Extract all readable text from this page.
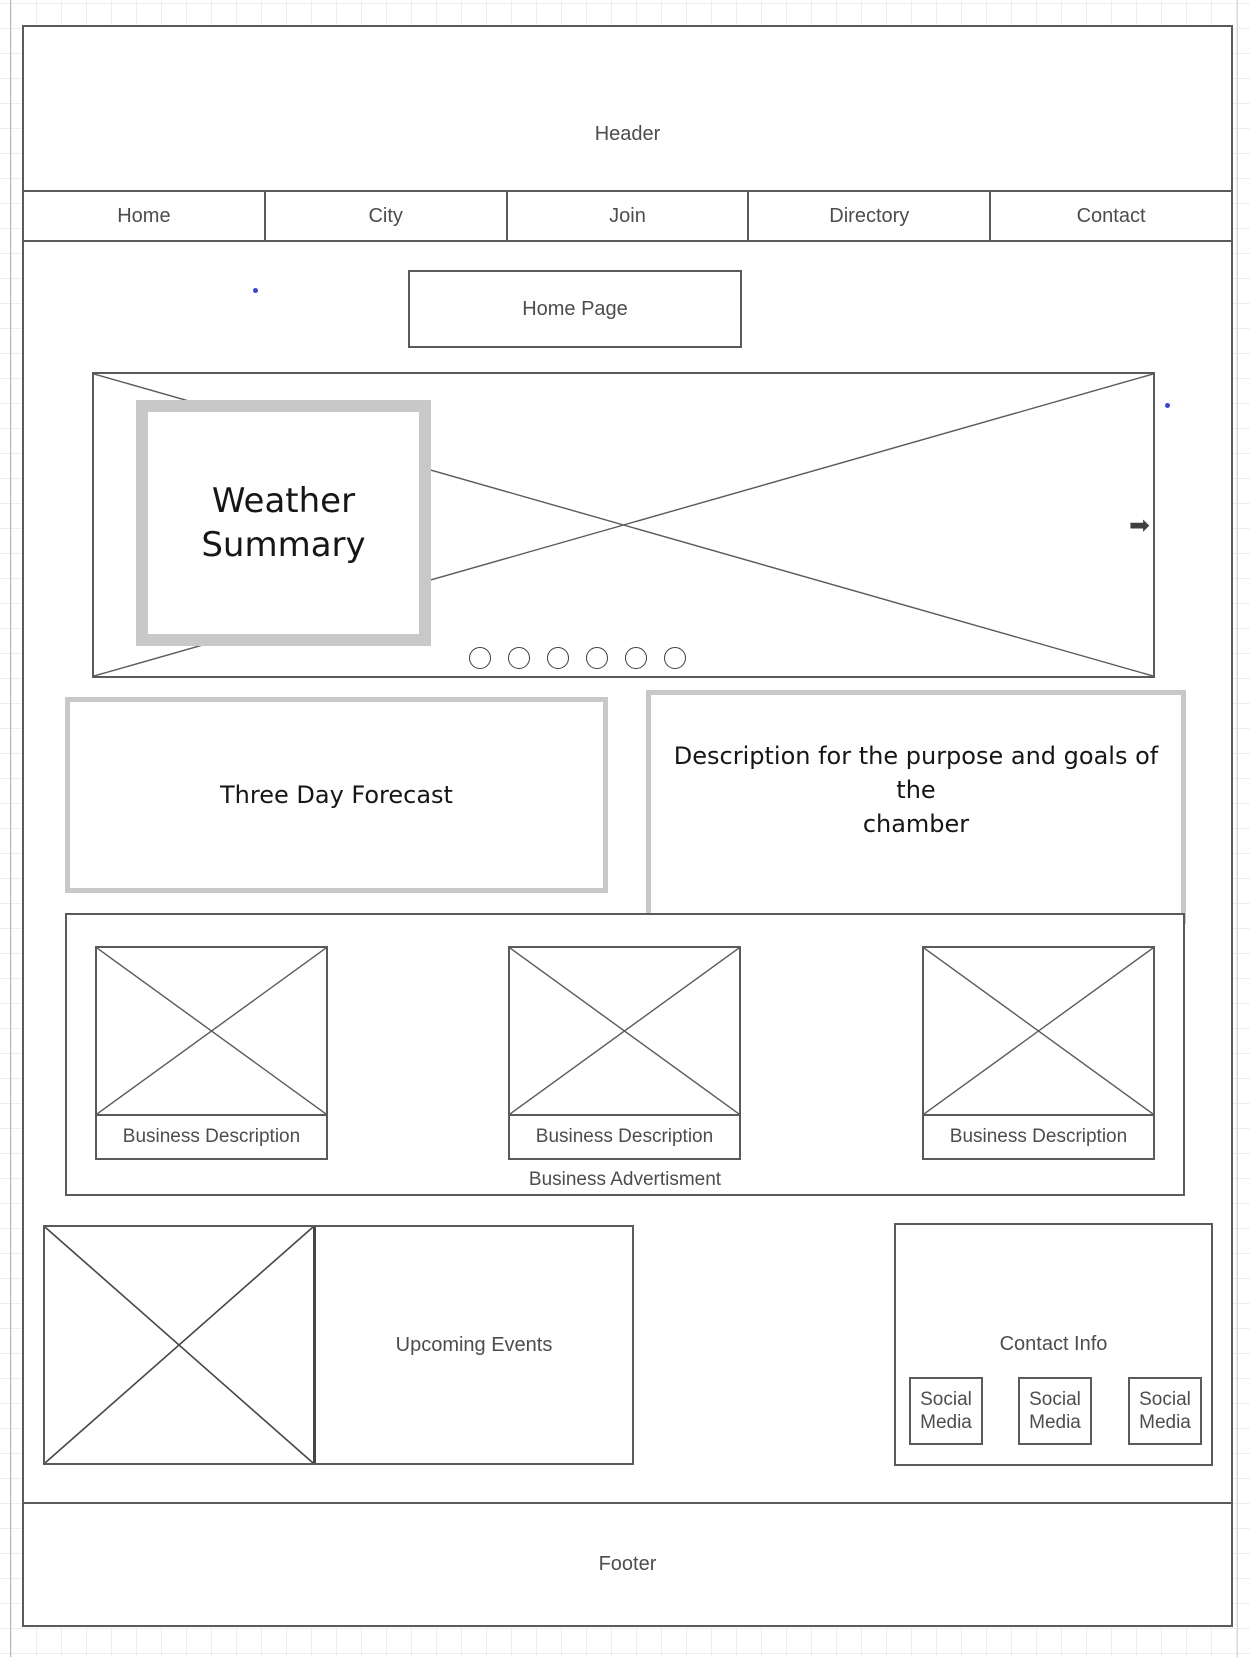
Header
Home	City	Join	Directory	Contact
Home Page
Weather
Summary	➡
Three Day Forecast
Description for the purpose and goals of the
chamber
Business Description	Business Description	Business Description
Business Advertisment
Upcoming Events	Contact Info
Social Media
Social Media
Social Media
Footer
